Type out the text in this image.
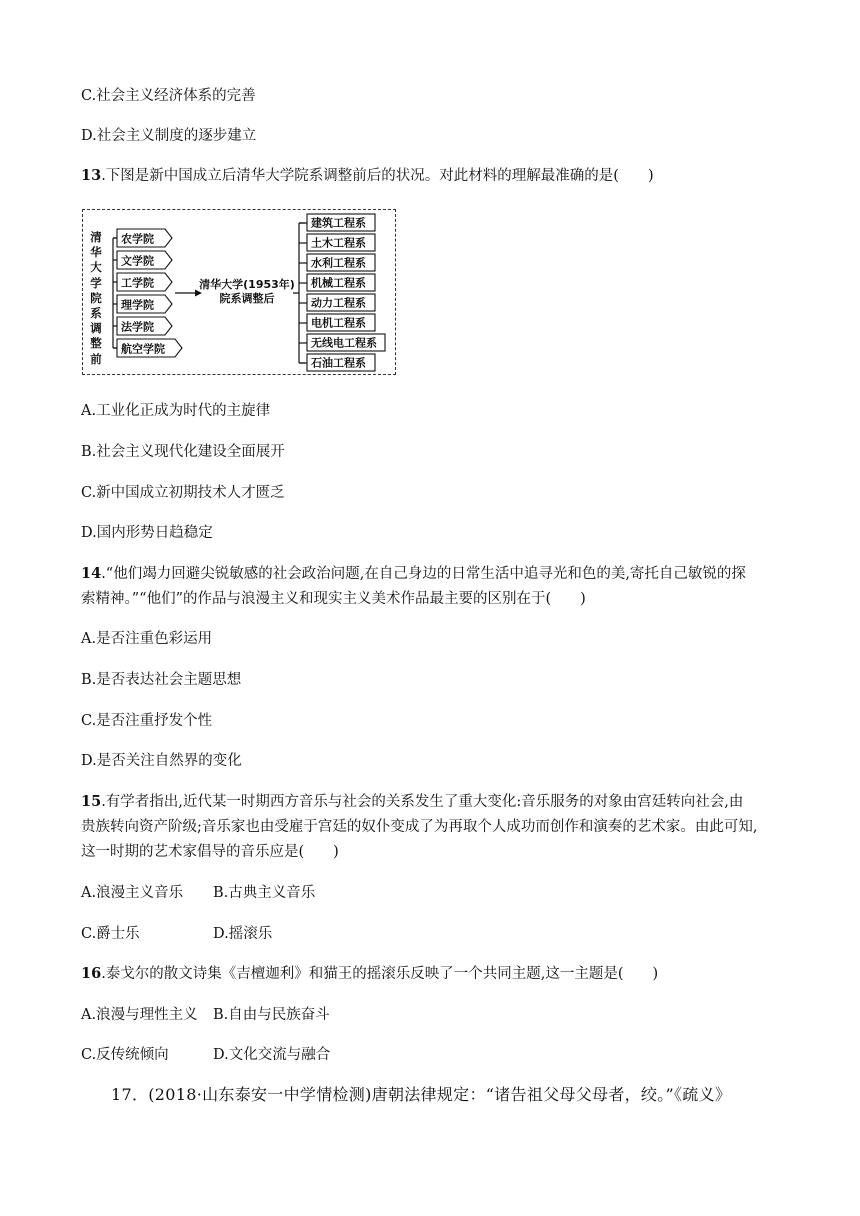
C.社会主义经济体系的完善
D.社会主义制度的逐步建立
13.下图是新中国成立后清华大学院系调整前后的状况。对此材料的理解最准确的是(　　)
清华大学院系调整前
农学院
文学院
工学院
理学院
法学院
航空学院
清华大学(1953年)
院系调整后
建筑工程系
土木工程系
水利工程系
机械工程系
动力工程系
电机工程系
无线电工程系
石油工程系
A.工业化正成为时代的主旋律
B.社会主义现代化建设全面展开
C.新中国成立初期技术人才匮乏
D.国内形势日趋稳定
14.“他们竭力回避尖锐敏感的社会政治问题,在自己身边的日常生活中追寻光和色的美,寄托自己敏锐的探
索精神。”“他们”的作品与浪漫主义和现实主义美术作品最主要的区别在于(　　)
A.是否注重色彩运用
B.是否表达社会主题思想
C.是否注重抒发个性
D.是否关注自然界的变化
15.有学者指出,近代某一时期西方音乐与社会的关系发生了重大变化:音乐服务的对象由宫廷转向社会,由
贵族转向资产阶级;音乐家也由受雇于宫廷的奴仆变成了为再取个人成功而创作和演奏的艺术家。由此可知,
这一时期的艺术家倡导的音乐应是(　　)
A.浪漫主义音乐 B.古典主义音乐
C.爵士乐	D.摇滚乐
16.泰戈尔的散文诗集《吉檀迦利》和猫王的摇滚乐反映了一个共同主题,这一主题是(　　)
A.浪漫与理性主义 B.自由与民族奋斗
C.反传统倾向	D.文化交流与融合
17．(2018·山东泰安一中学情检测)唐朝法律规定：“诸告祖父母父母者，绞。”《疏义》
